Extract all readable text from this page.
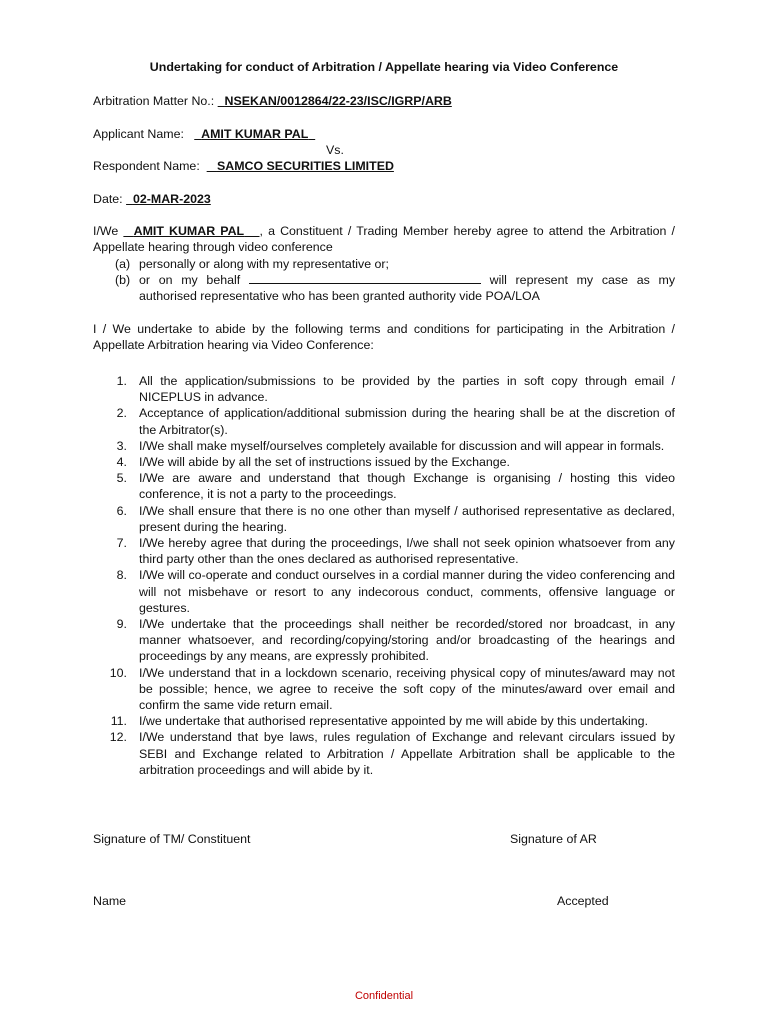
Undertaking for conduct of Arbitration / Appellate hearing via Video Conference
Arbitration Matter No.: NSEKAN/0012864/22-23/ISC/IGRP/ARB
Applicant Name: AMIT KUMAR PAL
Vs.
Respondent Name: SAMCO SECURITIES LIMITED
Date: 02-MAR-2023
I/We AMIT KUMAR PAL , a Constituent / Trading Member hereby agree to attend the Arbitration / Appellate hearing through video conference
(a) personally or along with my representative or;
(b) or on my behalf	will represent my case as my authorised representative who has been granted authority vide POA/LOA
I / We undertake to abide by the following terms and conditions for participating in the Arbitration / Appellate Arbitration hearing via Video Conference:
1. All the application/submissions to be provided by the parties in soft copy through email / NICEPLUS in advance.
2. Acceptance of application/additional submission during the hearing shall be at the discretion of the Arbitrator(s).
3. I/We shall make myself/ourselves completely available for discussion and will appear in formals.
4. I/We will abide by all the set of instructions issued by the Exchange.
5. I/We are aware and understand that though Exchange is organising / hosting this video conference, it is not a party to the proceedings.
6. I/We shall ensure that there is no one other than myself / authorised representative as declared, present during the hearing.
7. I/We hereby agree that during the proceedings, I/we shall not seek opinion whatsoever from any third party other than the ones declared as authorised representative.
8. I/We will co-operate and conduct ourselves in a cordial manner during the video conferencing and will not misbehave or resort to any indecorous conduct, comments, offensive language or gestures.
9. I/We undertake that the proceedings shall neither be recorded/stored nor broadcast, in any manner whatsoever, and recording/copying/storing and/or broadcasting of the hearings and proceedings by any means, are expressly prohibited.
10. I/We understand that in a lockdown scenario, receiving physical copy of minutes/award may not be possible; hence, we agree to receive the soft copy of the minutes/award over email and confirm the same vide return email.
11. I/we undertake that authorised representative appointed by me will abide by this undertaking.
12. I/We understand that bye laws, rules regulation of Exchange and relevant circulars issued by SEBI and Exchange related to Arbitration / Appellate Arbitration shall be applicable to the arbitration proceedings and will abide by it.
Signature of TM/ Constituent	Signature of AR
Name	Accepted
Confidential
